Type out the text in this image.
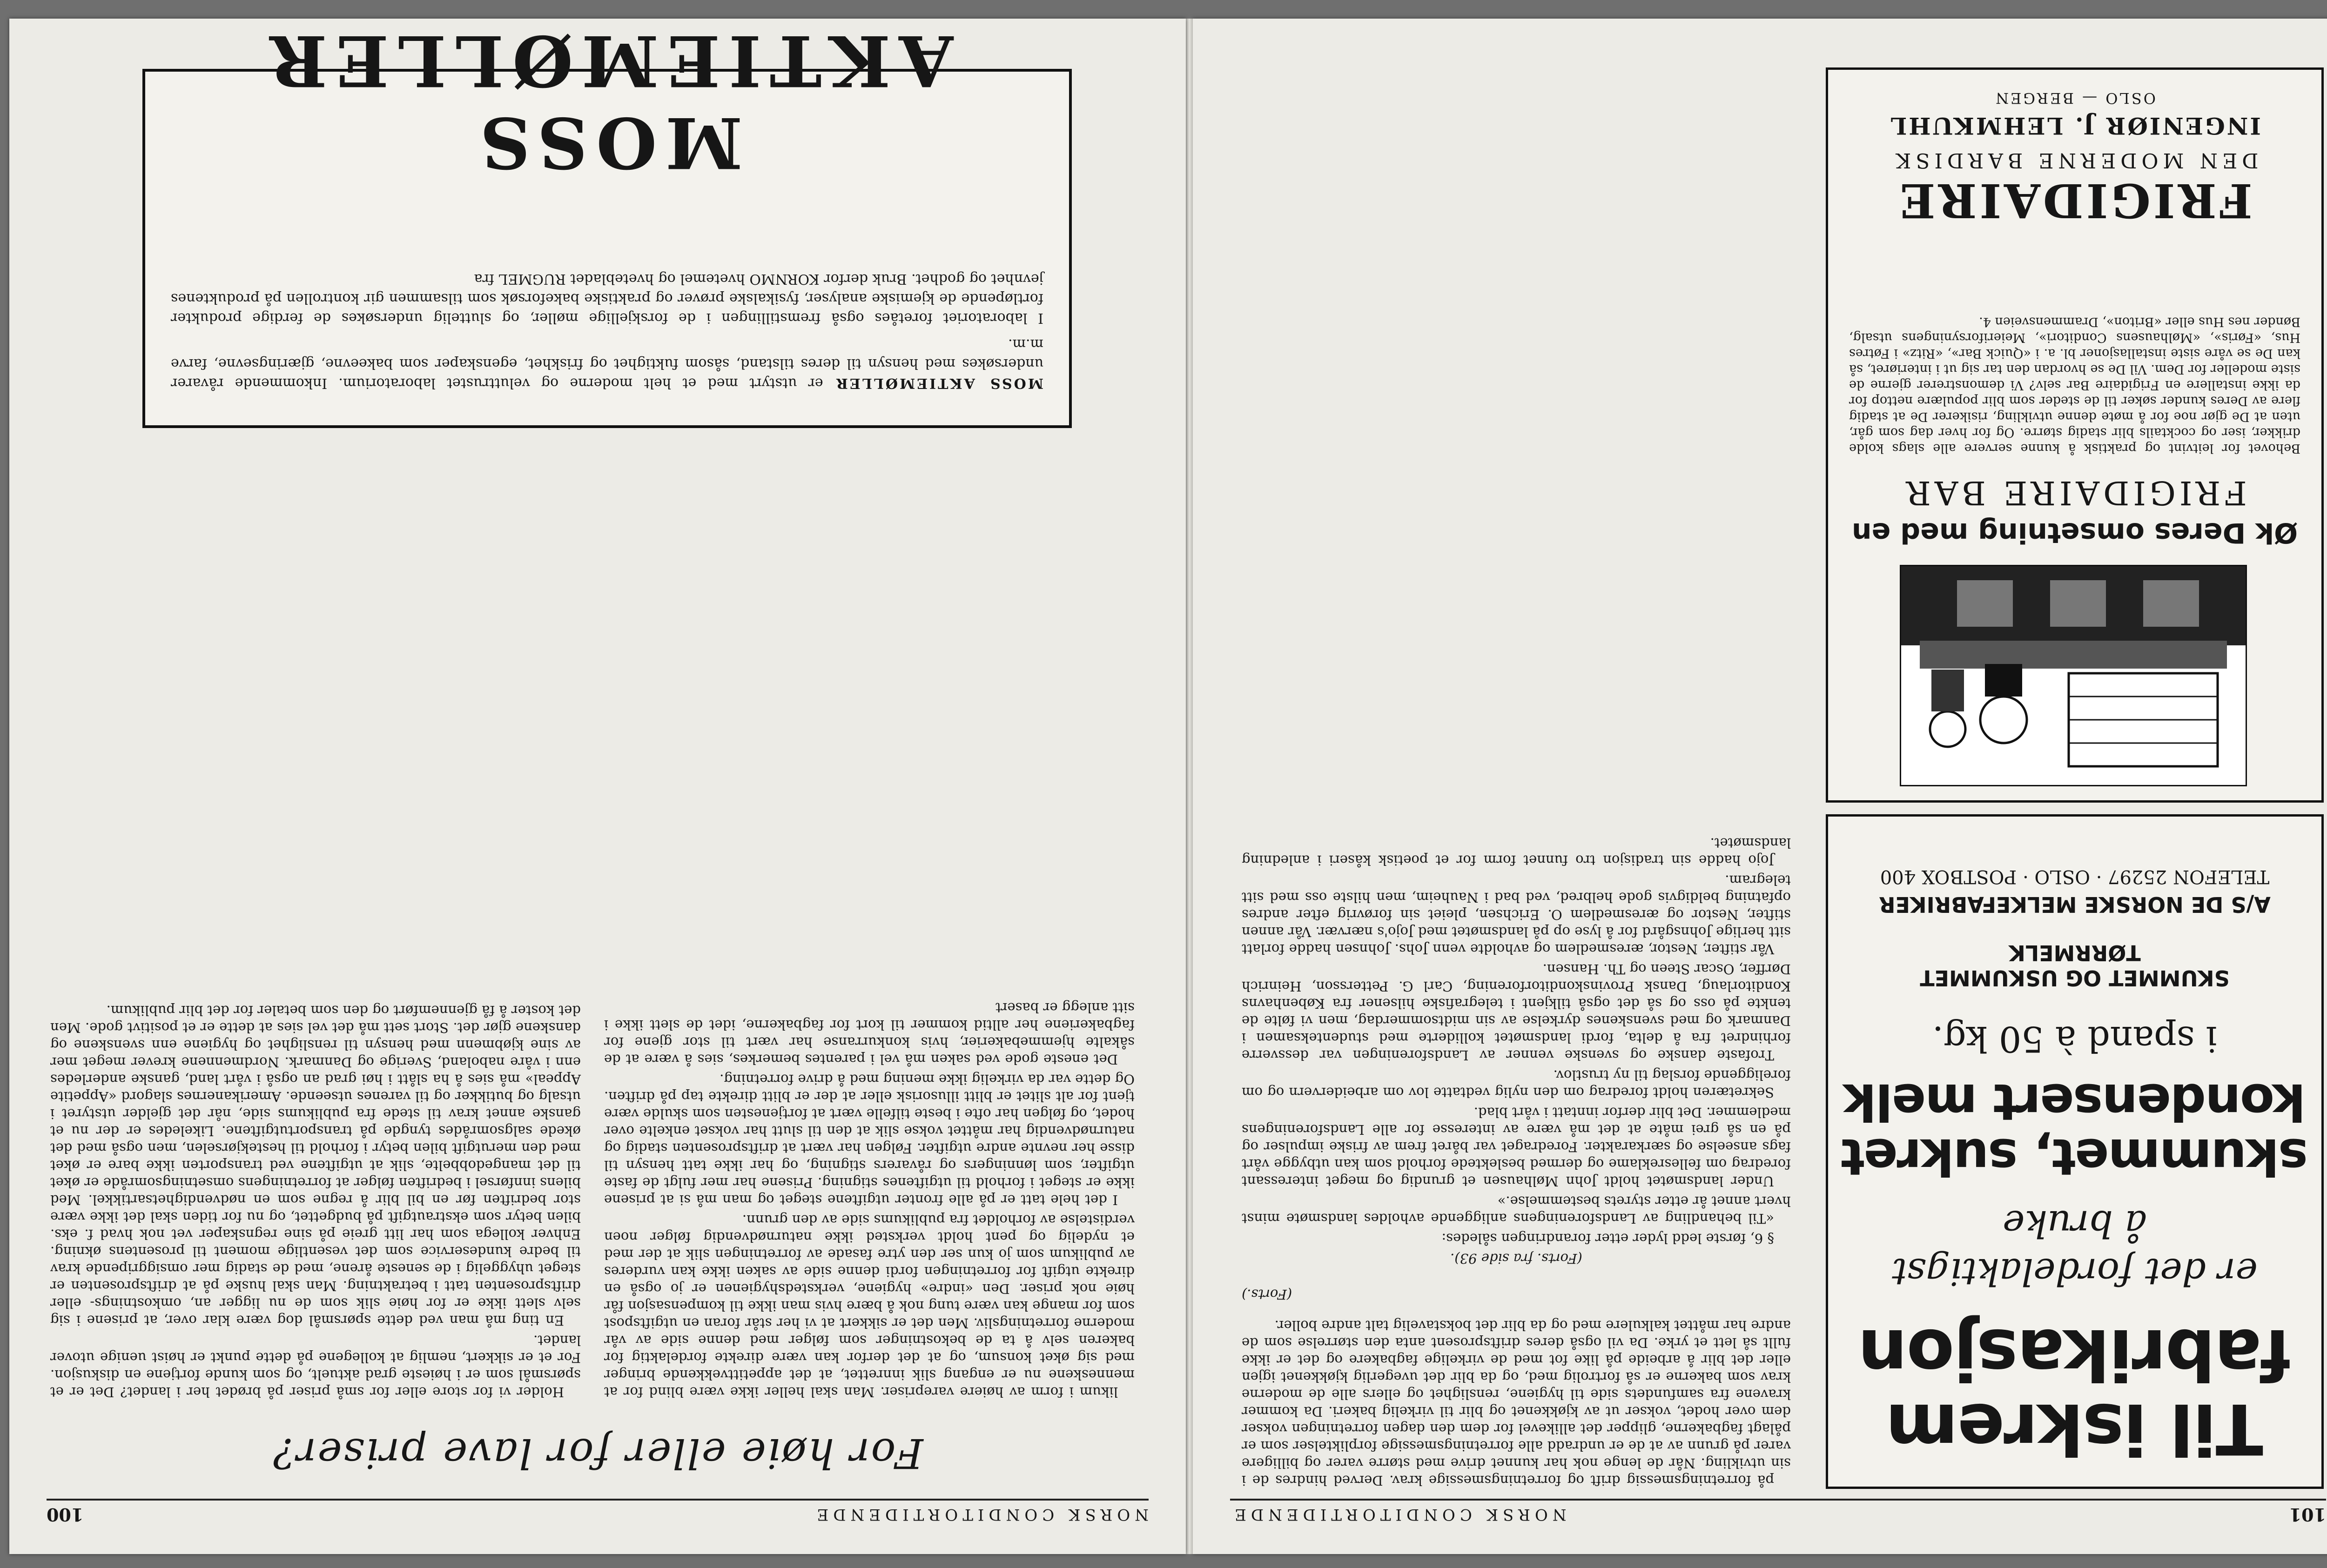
101
NORSK CONDITORTIDENDE
Til iskrem fabrikasjon
er det fordelaktigst
å bruke
skummet, sukret
kondensert melk
i spand à 50 kg.
SKUMMET OG USKUMMET
TØRRMELK
A/S DE NORSKE MELKEFABRIKER
TELEFON 25297 · OSLO · POSTBOX 400
Øk Deres omsetning med en
FRIGIDAIRE BAR
Behovet for leitvint og praktisk å kunne servere alle slags kolde drikker, iser og cocktails blir stadig større. Og for hver dag som går, uten at De gjør noe for å møte denne utvikling, risikerer De at stadig flere av Deres kunder søker til de steder som blir populære nettop for da ikke installere en Frigidaire Bar selv? Vi demonstrerer gjerne de siste modeller for Dem. Vil De se hvordan den tar sig ut i interiøret, så kan De se våre siste installasjoner bl. a. i «Quick Bar», «Ritz» i Føtres Hus, «Føris», «Mølhausens Conditori», Meieriforsyningens utsalg, Bønder nes Hus eller «Briton», Drammensveien 4.
FRIGIDAIRE
DEN MODERNE BARDISK
INGENIØR J. LEHMKUHL
OSLO — BERGEN

på forretningsmessig drift og forretningsmessige krav. Derved hindres de i sin utvikling. Når de lenge nok har kunnet drive med større varer og billigere varer på grunn av at de er undradd alle forretningsmessige forpliktelser som er pålagt fagbakerne, glipper det allikevel for dem den dagen forretningen vokser dem over hodet, vokser ut av kjøkkenet og blir til virkelig bakeri. Da kommer kravene fra samfundets side til hygiene, renslighet og ellers alle de moderne krav som bakerne er så fortrolig med, og da blir det uvegerlig kjøkkenet igjen eller det blir å arbeide på like fot med de virkelige fagbakere og det er ikke fullt så lett et yrke. Da vil også deres driftsprosent anta den størrelse som de andre har måttet kalkulere med og da blir det bokstavelig talt andre boller.

(Forts.)

(Forts. fra side 93).

§ 6, første ledd lyder etter forandringen således:

«Til behandling av Landsforeningens anliggende avholdes landsmøte minst hvert annet år etter styrets bestemmelse.»

Under landsmøtet holdt John Mølhausen et grundig og meget interessant foredrag om fellesreklame og dermed beslektede forhold som kan utbygge vårt fags anseelse og særkarakter. Foredraget var båret frem av friske impulser og på en så grei måte at det må være av interesse for alle Landsforeningens medlemmer. Det blir derfor inntatt i vårt blad.

Sekretæren holdt foredrag om den nylig vedtatte lov om arbeidervern og om foreliggende forslag til ny trustlov.

Trofaste danske og svenske venner av Landsforeningen var dessverre forhindret fra å delta, fordi landsmøtet kolliderte med studenteksamen i Danmark og med svenskenes dyrkelse av sin midtsommerdag, men vi følte de tenkte på oss og så det også tilkjent i telegrafiske hilsener fra Københavns Konditorlaug, Dansk Provinskonditorforening, Carl G. Pettersson, Heinrich Dørffer, Oscar Steen og Th. Hansen.

Vår stifter, Nestor, æresmedlem og avholdte venn Johs. Johnsen hadde forlatt sitt herlige Johnsgård for å lyse op på landsmøtet med Jojo's nærvær. Vår annen stifter, Nestor og æresmedlem O. Erichsen, pleiet sin forøvrig efter andres opfatning beldigvis gode helbred, ved bad i Nauheim, men hilste oss med sitt telegram.

Jojo hadde sin tradisjon tro funnet form for et poetisk kåseri i anledning landsmøtet.

NORSK CONDITORTIDENDE
100
For høie eller for lave priser?

likum i form av høiere varepriser. Man skal heller ikke være blind for at menneskene nu er engang slik innrettet, at det appetittvekkende bringer med sig øket konsum, og at det derfor kan være direkte fordelaktig for bakeren selv å ta de bekostninger som følger med denne side av vår moderne forretningsliv. Men det er sikkert at vi her står foran en utgiftspost som for mange kan være tung nok å bære hvis man ikke til kompensasjon får høie nok priser. Den «indre» hygiene, verkstedshygienen er jo også en direkte utgift for forretningen fordi denne side av saken ikke kan vurderes av publikum som jo kun ser den ytre fasade av forretningen slik at der med et nydelig og pent holdt verksted ikke naturnødvendig følger noen verdistelse av forholdet fra publikums side av den grunn.

I det hele tatt er på alle fronter utgiftene steget og man må si at prisene ikke er steget i forhold til utgiftenes stigning. Prisene har mer fulgt de faste utgifter, som lønningers og råvarers stigning, og har ikke tatt hensyn til disse her nevnte andre utgifter. Følgen har vært at driftsprosenten stadig og naturnødvendig har måttet vokse slik at den til slutt har vokset enkelte over hodet, og følgen har ofte i beste tilfelle vært at fortjenesten som skulde være tjent for alt slitet er blitt illusorisk eller at der er blitt direkte tap på driften. Og dette var da virkelig ikke mening med å drive forretning.

Det eneste gode ved saken må vel i parentes bemerkes, sies å være at de såkalte hjemmebakerier, hvis konkurranse har vært til stor gjene for fagbakeriene her alltid kommer til kort for fagbakerne, idet de slett ikke i sitt anlegg er basert

Holder vi for store eller for små priser på brødet her i landet? Det er et spørsmål som er i høieste grad aktuelt, og som kunde fortjene en diskusjon. For et er sikkert, nemlig at kollegene på dette punkt er høist uenige utover landet.

En ting må man ved dette spørsmål dog være klar over, at prisene i sig selv slett ikke er for høie slik som de nu ligger an, omkostnings- eller driftsprosenten tatt i betraktning. Man skal huske på at driftsprosenten er steget uhyggelig i de seneste årene, med de stadig mer omsiggripende krav til bedre kundeservice som det vesentlige moment til prosentens økning. Enhver kollega som har litt greie på sine regnskaper vet nok hvad f. eks. bilen betyr som ekstrautgift på budgettet, og nu for tiden skal det ikke være stor bedriften før en bil blir å regne som en nødvendighetsartikkel. Med bilens innførsel i bedriften følger at forretningens omsetningsområde er øket til det mangedobbelte, slik at utgiftene ved transporten ikke bare er øket med den merutgift bilen betyr i forhold til hestekjørselen, men også med det økede salgsområdes tyngde på transportutgiftene. Likeledes er der nu et ganske annet krav til stede fra publikums side, når det gjelder utstyret i utsalg og butikker og til varenes utseende. Amerikanernes slagord «Appetite Appeal» må sies å ha slått i høi grad an også i vårt land, ganske anderledes enn i våre naboland, Sverige og Danmark. Nordmennene krever meget mer av sine kjøbmenn med hensyn til renslighet og hygiene enn svenskene og danskene gjør det. Stort sett må det vel sies at dette er et positivt gode. Men det koster å få gjennemført og den som betaler for det blir publikum.

MOSS AKTIEMØLLER er utstyrt med et helt moderne og veluttrustet laboratorium. Inkommende råvarer undersøkes med hensyn til deres tilstand, såsom fuktighet og friskhet, egenskaper som bakeevne, gjæringsevne, farve m.m.
I laboratoriet foretåes også fremstillingen i de forskjellige møller, og sluttelig undersøkes de ferdige produkter fortløpende de kjemiske analyser, fysikalske prøver og praktiske bakeforsøk som tilsammen gir kontrollen på produktenes jevnhet og godhet. Bruk derfor KORNMO hvetemel og hvetebladet RUGMEL fra
MOSS AKTIEMØLLER
